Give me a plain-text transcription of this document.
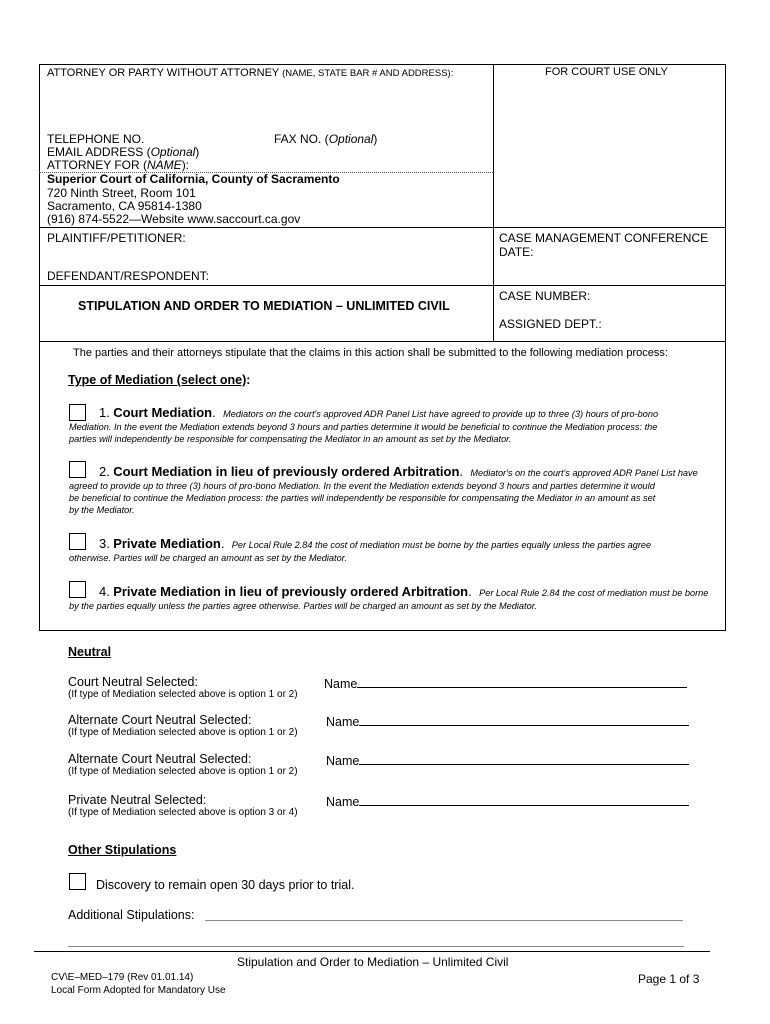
ATTORNEY OR PARTY WITHOUT ATTORNEY (NAME, STATE BAR # AND ADDRESS):	FOR COURT USE ONLY
TELEPHONE NO.	FAX NO. (Optional)
EMAIL ADDRESS (Optional)
ATTORNEY FOR (NAME):
Superior Court of California, County of Sacramento
720 Ninth Street, Room 101
Sacramento, CA 95814-1380
(916) 874-5522—Website www.saccourt.ca.gov
PLAINTIFF/PETITIONER:
DEFENDANT/RESPONDENT:
CASE MANAGEMENT CONFERENCE
DATE:
STIPULATION AND ORDER TO MEDIATION – UNLIMITED CIVIL
CASE NUMBER:
ASSIGNED DEPT.:
The parties and their attorneys stipulate that the claims in this action shall be submitted to the following mediation process:
Type of Mediation (select one):
1. Court Mediation. Mediators on the court's approved ADR Panel List have agreed to provide up to three (3) hours of pro-bono
Mediation. In the event the Mediation extends beyond 3 hours and parties determine it would be beneficial to continue the Mediation process: the
parties will independently be responsible for compensating the Mediator in an amount as set by the Mediator.
2. Court Mediation in lieu of previously ordered Arbitration. Mediator's on the court's approved ADR Panel List have
agreed to provide up to three (3) hours of pro-bono Mediation. In the event the Mediation extends beyond 3 hours and parties determine it would
be beneficial to continue the Mediation process: the parties will independently be responsible for compensating the Mediator in an amount as set
by the Mediator.
3. Private Mediation. Per Local Rule 2.84 the cost of mediation must be borne by the parties equally unless the parties agree
otherwise. Parties will be charged an amount as set by the Mediator.
4. Private Mediation in lieu of previously ordered Arbitration. Per Local Rule 2.84 the cost of mediation must be borne
by the parties equally unless the parties agree otherwise. Parties will be charged an amount as set by the Mediator.
Neutral
Court Neutral Selected:
(If type of Mediation selected above is option 1 or 2)
Name
Alternate Court Neutral Selected:
(If type of Mediation selected above is option 1 or 2)
Name
Alternate Court Neutral Selected:
(If type of Mediation selected above is option 1 or 2)
Name
Private Neutral Selected:
(If type of Mediation selected above is option 3 or 4)
Name
Other Stipulations
Discovery to remain open 30 days prior to trial.
Additional Stipulations:
Stipulation and Order to Mediation – Unlimited Civil
CV\E–MED–179 (Rev 01.01.14)
Local Form Adopted for Mandatory Use
Page 1 of 3
